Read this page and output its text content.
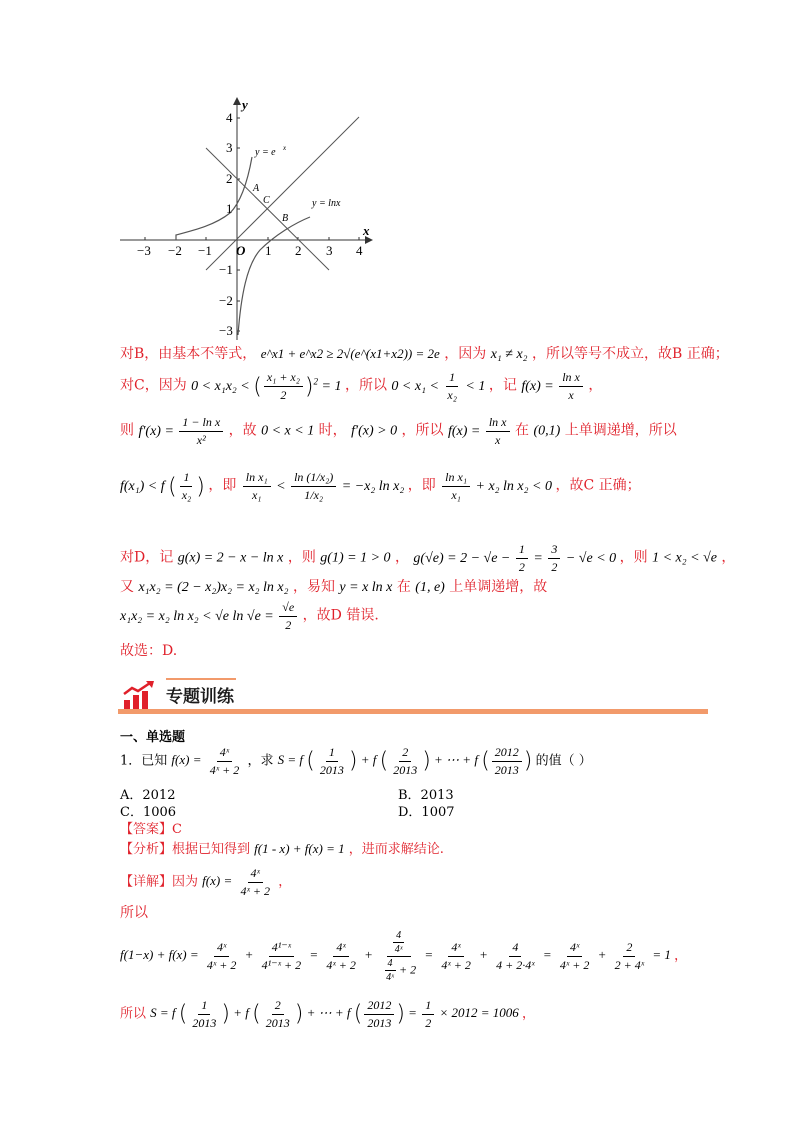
−3 −2 −1 O 1 2 3 4
4
3
2
1
−1
−2
−3
x
y
y = e x
y = lnx
A
B
C
对B，由基本不等式， e^x1 + e^x2 ≥ 2√(e^(x1+x2)) = 2e ，因为 x₁ ≠ x₂ ，所以等号不成立，故B 正确；
对C，因为 0 < x₁x₂ < ( $\frac{\text{x₁ + x₂}}{2} )^2 = 1$ ，所以 $0 < x_1 < \frac{1}{\text{x₂}} < 1$ ，记 $f(x) = \frac{\text{ln x}}{x}$ ，
则 $f'(x) = \frac{\text{1 − ln x}}{\text{x²}}$ ，故 0 < x < 1 时， f′(x) > 0 ，所以 $f(x) = \frac{\text{ln x}}{x}$ 在 (0,1) 上单调递增，所以
f(x₁) < f ( $\frac{1}{\text{x₂}}$ ) ，即 $\frac{\text{ln x₁}}{\text{x₁}} < \frac{\text{ln (1/x₂)}}{\text{1/x₂}} = -x_2$ ln x₂ ，即 $\frac{\text{ln x₁}}{\text{x₁}} + x_2$ ln x₂ < 0 ，故C 正确；
对D，记 g(x) = 2 − x − ln x ，则 g(1) = 1 > 0 ， $g(√e) = 2 - √e - \frac{1}{2} = \frac{3}{2} - √e < 0$ ，则 1 < x₂ < √e ，
又 x₁x₂ = (2 − x₂)x₂ = x₂ ln x₂ ，易知 y = x ln x 在 (1, e) 上单调递增，故
x₁x₂ = x₂ ln x₂ < √e $\ln √e = \frac{√e}{2}$ ，故D 错误.
故选：D.
专题训练
一、单选题
1．已知 $f(x) = \frac{\text{4ˣ}}{\text{4ˣ + 2}}$ ，求 S = f ( $\frac{1}{2013}$ ) + f ( $\frac{2}{2013}$ ) + ⋯ + f ( $\frac{2012}{2013}$ ) 的值（ ）
A．2012	B．2013
C．1006	D．1007
【答案】C
【分析】根据已知得到 f(1 - x) + f(x) = 1 ，进而求解结论.
【详解】因为 $f(x) = \frac{\text{4ˣ}}{\text{4ˣ + 2}}$ ，
所以
$f(1-x) + f(x) = \frac{\text{4ˣ}}{\text{4ˣ + 2}} + \frac{\text{4¹⁻ˣ}}{\text{4¹⁻ˣ + 2}} = \frac{\text{4ˣ}}{\text{4ˣ + 2}} + \frac{\frac{4}{\text{4ˣ}}}{\frac{4}{\text{4ˣ}} + 2} = \frac{\text{4ˣ}}{\text{4ˣ + 2}} + \frac{4}{\text{4 + 2·4ˣ}} = \frac{\text{4ˣ}}{\text{4ˣ + 2}} + \frac{2}{\text{2 + 4ˣ}} = 1$ ，
所以 S = f ( $\frac{1}{2013}$ ) + f ( $\frac{2}{2013}$ ) + ⋯ + f ( $\frac{2012}{2013}$ ) = $\frac{1}{2} \times 2012 = 1006$ ，
